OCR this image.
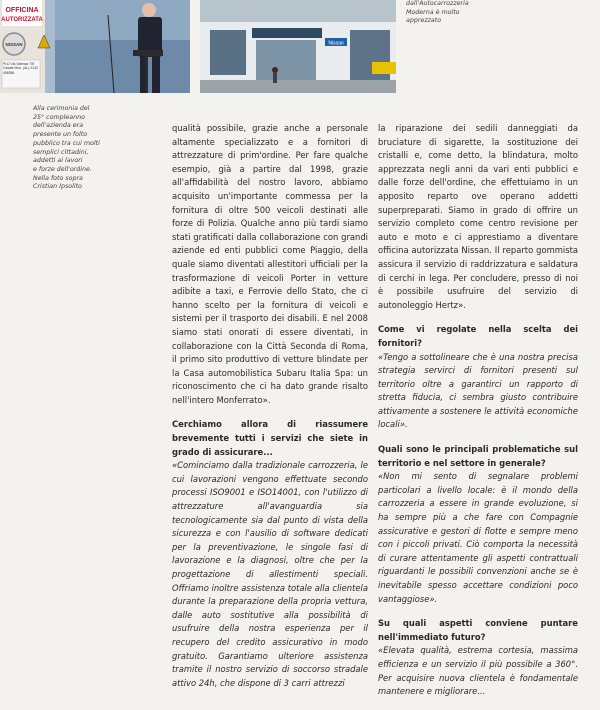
OFFICINA
AUTORIZZATA
NISSAN
PLD Via Valenza 7/E Casale Mon. (AL) 0142 456356
Nissan
dall'Autocarrozzeria
Moderna è molto
apprezzato
Alla cerimonia del
25° compleanno
dell'azienda era
presente un folto
pubblico tra cui molti
semplici cittadini,
addetti ai lavori
e forze dell'ordine.
Nella foto sopra
Cristian Ipsolito

qualità possibile, grazie anche a personale altamente specializzato e a fornitori di attrezzature di prim'ordine. Per fare qualche esempio, già a partire dal 1998, grazie all'affidabilità del nostro lavoro, abbiamo acquisito un'importante commessa per la fornitura di oltre 500 veicoli destinati alle forze di Polizia. Qualche anno più tardi siamo stati gratificati dalla collaborazione con grandi aziende ed enti pubblici come Piaggio, della quale siamo diventati allestitori ufficiali per la trasformazione di veicoli Porter in vetture adibite a taxi, e Ferrovie dello Stato, che ci hanno scelto per la fornitura di veicoli e sistemi per il trasporto dei disabili. E nel 2008 siamo stati onorati di essere diventati, in collaborazione con la Città Seconda di Roma, il primo sito produttivo di vetture blindate per la Casa automobilistica Subaru Italia Spa: un riconoscimento che ci ha dato grande risalto nell'intero Monferrato».

Cerchiamo allora di riassumere brevemente tutti i servizi che siete in grado di assicurare...

«Cominciamo dalla tradizionale carrozzeria, le cui lavorazioni vengono effettuate secondo processi ISO9001 e ISO14001, con l'utilizzo di attrezzature all'avanguardia sia tecnologicamente sia dal punto di vista della sicurezza e con l'ausilio di software dedicati per la preventivazione, le singole fasi di lavorazione e la diagnosi, oltre che per la progettazione di allestimenti speciali. Offriamo inoltre assistenza totale alla clientela durante la preparazione della propria vettura, dalle auto sostitutive alla possibilità di usufruire della nostra esperienza per il recupero del credito assicurativo in modo gratuito. Garantiamo ulteriore assistenza tramite il nostro servizio di soccorso stradale attivo 24h, che dispone di 3 carri attrezzi

la riparazione dei sedili danneggiati da bruciature di sigarette, la sostituzione dei cristalli e, come detto, la blindatura, molto apprezzata negli anni da vari enti pubblici e dalle forze dell'ordine, che effettuiamo in un apposito reparto ove operano addetti superpreparati. Siamo in grado di offrire un servizio completo come centro revisione per auto e moto e ci apprestiamo a diventare officina autorizzata Nissan. Il reparto gommista assicura il servizio di raddrizzatura e saldatura di cerchi in lega. Per concludere, presso di noi è possibile usufruire del servizio di autonoleggio Hertz».

Come vi regolate nella scelta dei fornitori?

«Tengo a sottolineare che è una nostra precisa strategia servirci di fornitori presenti sul territorio oltre a garantirci un rapporto di stretta fiducia, ci sembra giusto contribuire attivamente a sostenere le attività economiche locali».

Quali sono le principali problematiche sul territorio e nel settore in generale?

«Non mi sento di segnalare problemi particolari a livello locale: è il mondo della carrozzeria a essere in grande evoluzione, si ha sempre più a che fare con Compagnie assicurative e gestori di flotte e sempre meno con i piccoli privati. Ciò comporta la necessità di curare attentamente gli aspetti contrattuali riguardanti le possibili convenzioni anche se è inevitabile spesso accettare condizioni poco vantaggiose».

Su quali aspetti conviene puntare nell'immediato futuro?

«Elevata qualità, estrema cortesia, massima efficienza e un servizio il più possibile a 360°. Per acquisire nuova clientela è fondamentale mantenere e migliorare...
